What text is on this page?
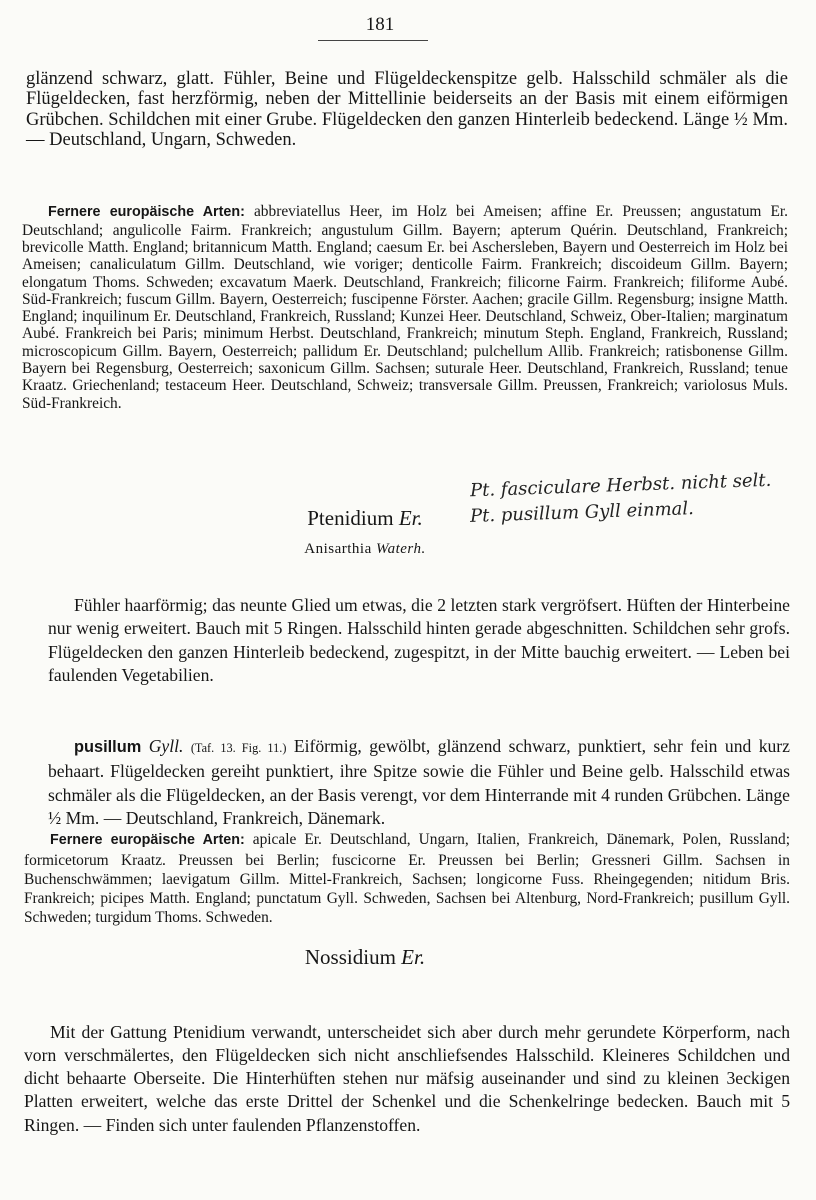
181

glänzend schwarz, glatt. Fühler, Beine und Flügeldeckenspitze gelb. Halsschild schmäler als die Flügeldecken, fast herzförmig, neben der Mittellinie beiderseits an der Basis mit einem eiförmigen Grübchen. Schildchen mit einer Grube. Flügeldecken den ganzen Hinterleib bedeckend. Länge ½ Mm. — Deutschland, Ungarn, Schweden.

Fernere europäische Arten: abbreviatellus Heer, im Holz bei Ameisen; affine Er. Preussen; angustatum Er. Deutschland; angulicolle Fairm. Frankreich; angustulum Gillm. Bayern; apterum Quérin. Deutschland, Frankreich; brevicolle Matth. England; britannicum Matth. England; caesum Er. bei Aschersleben, Bayern und Oesterreich im Holz bei Ameisen; canaliculatum Gillm. Deutschland, wie voriger; denticolle Fairm. Frankreich; discoideum Gillm. Bayern; elongatum Thoms. Schweden; excavatum Maerk. Deutschland, Frankreich; filicorne Fairm. Frankreich; filiforme Aubé. Süd-Frankreich; fuscum Gillm. Bayern, Oesterreich; fuscipenne Förster. Aachen; gracile Gillm. Regensburg; insigne Matth. England; inquilinum Er. Deutschland, Frankreich, Russland; Kunzei Heer. Deutschland, Schweiz, Ober-Italien; marginatum Aubé. Frankreich bei Paris; minimum Herbst. Deutschland, Frankreich; minutum Steph. England, Frankreich, Russland; microscopicum Gillm. Bayern, Oesterreich; pallidum Er. Deutschland; pulchellum Allib. Frankreich; ratisbonense Gillm. Bayern bei Regensburg, Oesterreich; saxonicum Gillm. Sachsen; suturale Heer. Deutschland, Frankreich, Russland; tenue Kraatz. Griechenland; testaceum Heer. Deutschland, Schweiz; transversale Gillm. Preussen, Frankreich; variolosus Muls. Süd-Frankreich.

Pt. fasciculare Herbst. nicht selt.
Pt. pusillum Gyll einmal.
Ptenidium Er.
Anisarthia Waterh.

Fühler haarförmig; das neunte Glied um etwas, die 2 letzten stark vergröfsert. Hüften der Hinterbeine nur wenig erweitert. Bauch mit 5 Ringen. Halsschild hinten gerade abgeschnitten. Schildchen sehr grofs. Flügeldecken den ganzen Hinterleib bedeckend, zugespitzt, in der Mitte bauchig erweitert. — Leben bei faulenden Vegetabilien.

pusillum Gyll. (Taf. 13. Fig. 11.) Eiförmig, gewölbt, glänzend schwarz, punktiert, sehr fein und kurz behaart. Flügeldecken gereiht punktiert, ihre Spitze sowie die Fühler und Beine gelb. Halsschild etwas schmäler als die Flügeldecken, an der Basis verengt, vor dem Hinterrande mit 4 runden Grübchen. Länge ½ Mm. — Deutschland, Frankreich, Dänemark.

Fernere europäische Arten: apicale Er. Deutschland, Ungarn, Italien, Frankreich, Dänemark, Polen, Russland; formicetorum Kraatz. Preussen bei Berlin; fuscicorne Er. Preussen bei Berlin; Gressneri Gillm. Sachsen in Buchenschwämmen; laevigatum Gillm. Mittel-Frankreich, Sachsen; longicorne Fuss. Rheingegenden; nitidum Bris. Frankreich; picipes Matth. England; punctatum Gyll. Schweden, Sachsen bei Altenburg, Nord-Frankreich; pusillum Gyll. Schweden; turgidum Thoms. Schweden.

Nossidium Er.

Mit der Gattung Ptenidium verwandt, unterscheidet sich aber durch mehr gerundete Körperform, nach vorn verschmälertes, den Flügeldecken sich nicht anschliefsendes Halsschild. Kleineres Schildchen und dicht behaarte Oberseite. Die Hinterhüften stehen nur mäfsig auseinander und sind zu kleinen 3eckigen Platten erweitert, welche das erste Drittel der Schenkel und die Schenkelringe bedecken. Bauch mit 5 Ringen. — Finden sich unter faulenden Pflanzenstoffen.
